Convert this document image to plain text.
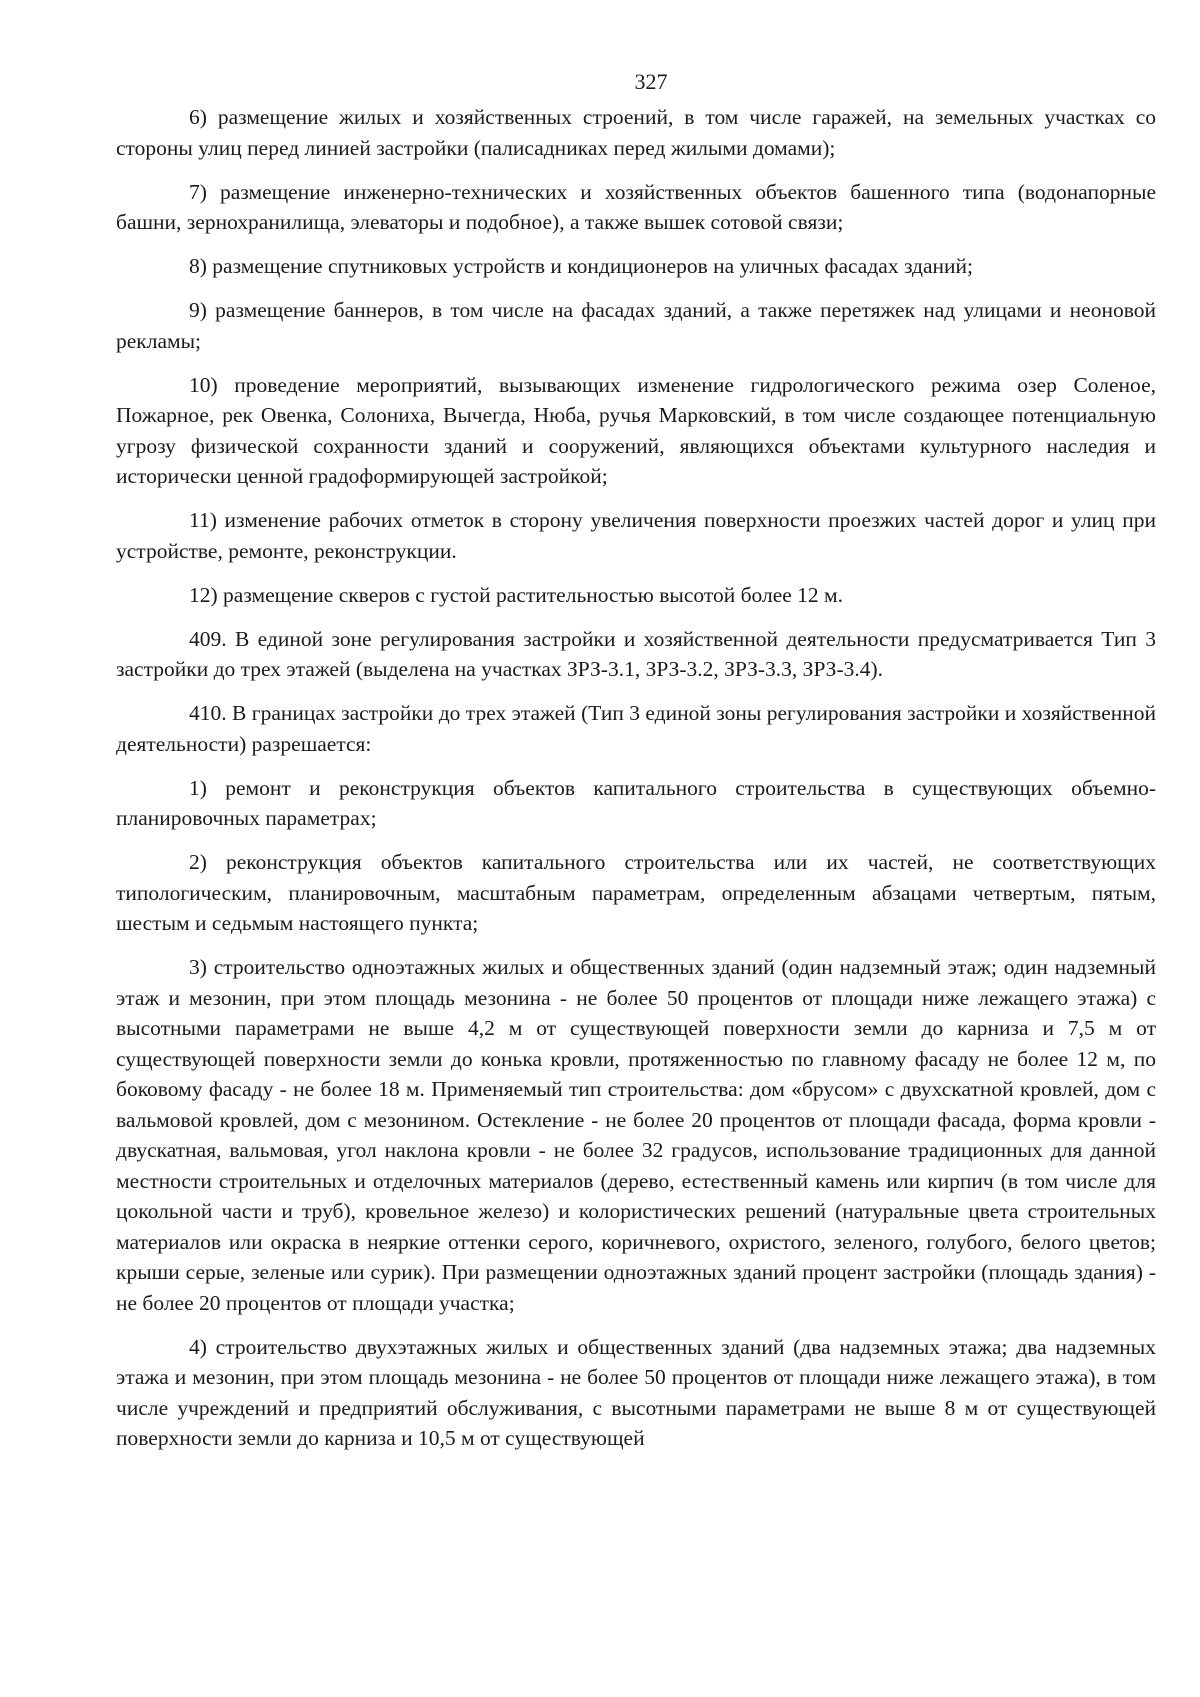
327

6) размещение жилых и хозяйственных строений, в том числе гаражей, на земельных участках со стороны улиц перед линией застройки (палисадниках перед жилыми домами);

7) размещение инженерно-технических и хозяйственных объектов башенного типа (водонапорные башни, зернохранилища, элеваторы и подобное), а также вышек сотовой связи;

8) размещение спутниковых устройств и кондиционеров на уличных фасадах зданий;

9) размещение баннеров, в том числе на фасадах зданий, а также перетяжек над улицами и неоновой рекламы;

10) проведение мероприятий, вызывающих изменение гидрологического режима озер Соленое, Пожарное, рек Овенка, Солониха, Вычегда, Нюба, ручья Марковский, в том числе создающее потенциальную угрозу физической сохранности зданий и сооружений, являющихся объектами культурного наследия и исторически ценной градоформирующей застройкой;

11) изменение рабочих отметок в сторону увеличения поверхности проезжих частей дорог и улиц при устройстве, ремонте, реконструкции.

12) размещение скверов с густой растительностью высотой более 12 м.

409. В единой зоне регулирования застройки и хозяйственной деятельности предусматривается Тип 3 застройки до трех этажей (выделена на участках ЗРЗ-3.1, ЗРЗ-3.2, ЗРЗ-3.3, ЗРЗ-3.4).

410. В границах застройки до трех этажей (Тип 3 единой зоны регулирования застройки и хозяйственной деятельности) разрешается:

1) ремонт и реконструкция объектов капитального строительства в существующих объемно-планировочных параметрах;

2) реконструкция объектов капитального строительства или их частей, не соответствующих типологическим, планировочным, масштабным параметрам, определенным абзацами четвертым, пятым, шестым и седьмым настоящего пункта;

3) строительство одноэтажных жилых и общественных зданий (один надземный этаж; один надземный этаж и мезонин, при этом площадь мезонина - не более 50 процентов от площади ниже лежащего этажа) с высотными параметрами не выше 4,2 м от существующей поверхности земли до карниза и 7,5 м от существующей поверхности земли до конька кровли, протяженностью по главному фасаду не более 12 м, по боковому фасаду - не более 18 м. Применяемый тип строительства: дом «брусом» с двухскатной кровлей, дом с вальмовой кровлей, дом с мезонином. Остекление - не более 20 процентов от площади фасада, форма кровли - двускатная, вальмовая, угол наклона кровли - не более 32 градусов, использование традиционных для данной местности строительных и отделочных материалов (дерево, естественный камень или кирпич (в том числе для цокольной части и труб), кровельное железо) и колористических решений (натуральные цвета строительных материалов или окраска в неяркие оттенки серого, коричневого, охристого, зеленого, голубого, белого цветов; крыши серые, зеленые или сурик). При размещении одноэтажных зданий процент застройки (площадь здания) - не более 20 процентов от площади участка;

4) строительство двухэтажных жилых и общественных зданий (два надземных этажа; два надземных этажа и мезонин, при этом площадь мезонина - не более 50 процентов от площади ниже лежащего этажа), в том числе учреждений и предприятий обслуживания, с высотными параметрами не выше 8 м от существующей поверхности земли до карниза и 10,5 м от существующей
